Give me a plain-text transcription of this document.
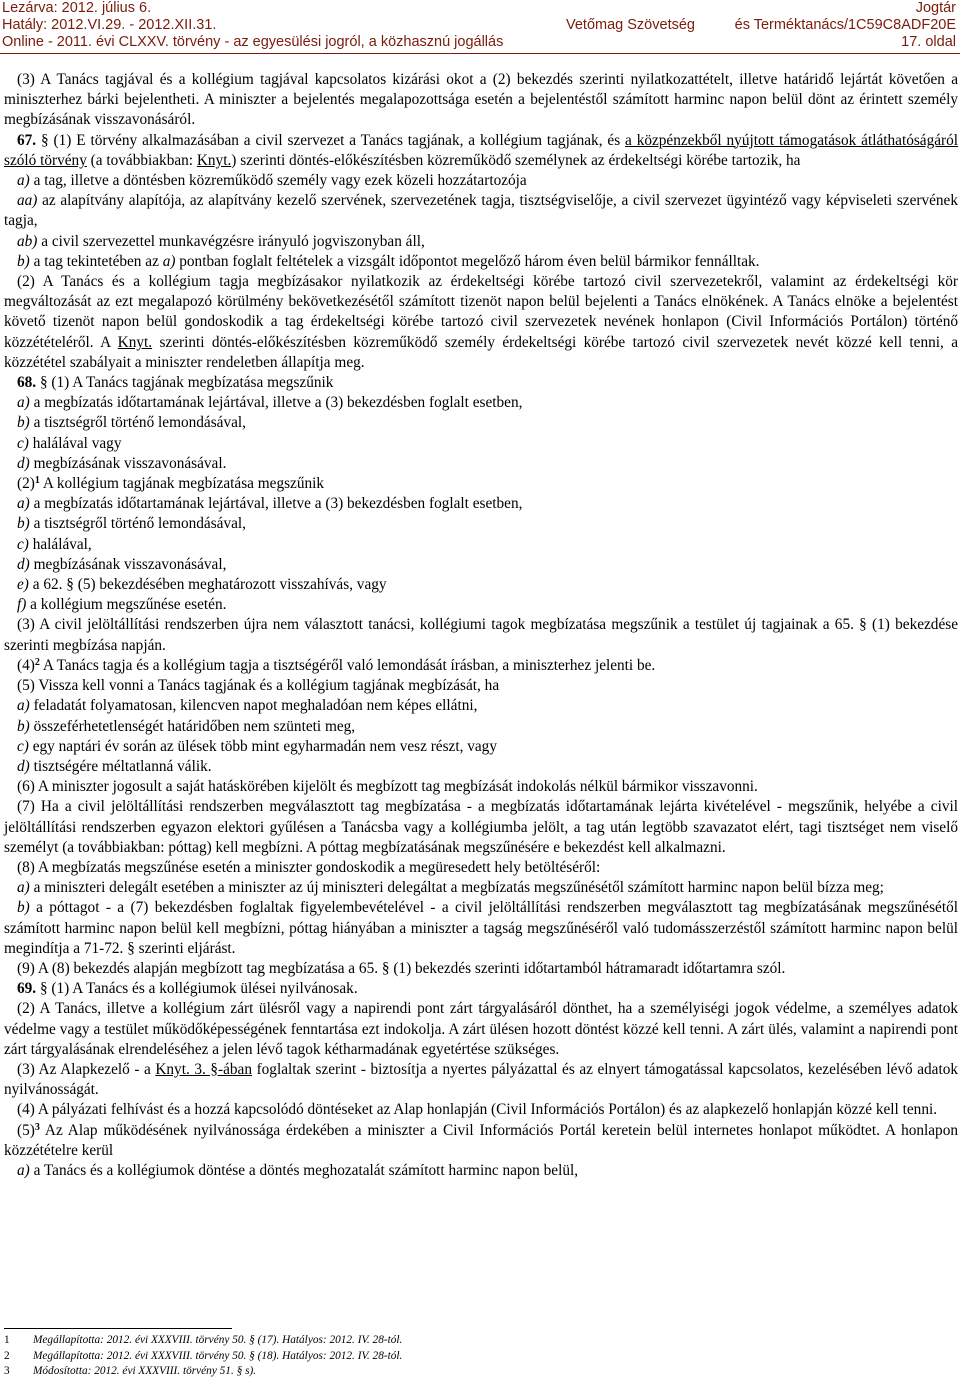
Lezárva: 2012. július 6.
Hatály: 2012.VI.29. - 2012.XII.31.
Online - 2011. évi CLXXV. törvény - az egyesülési jogról, a közhasznú jogállás
Vetőmag Szövetség
Jogtár
és Terméktanács/1C59C8ADF20E
17. oldal

(3) A Tanács tagjával és a kollégium tagjával kapcsolatos kizárási okot a (2) bekezdés szerinti nyilatkozattételt, illetve határidő lejártát követően a miniszterhez bárki bejelentheti. A miniszter a bejelentés megalapozottsága esetén a bejelentéstől számított harminc napon belül dönt az érintett személy megbízásának visszavonásáról.

67. § (1) E törvény alkalmazásában a civil szervezet a Tanács tagjának, a kollégium tagjának, és a közpénzekből nyújtott támogatások átláthatóságáról szóló törvény (a továbbiakban: Knyt.) szerinti döntés-előkészítésben közreműködő személynek az érdekeltségi körébe tartozik, ha

a) a tag, illetve a döntésben közreműködő személy vagy ezek közeli hozzátartozója

aa) az alapítvány alapítója, az alapítvány kezelő szervének, szervezetének tagja, tisztségviselője, a civil szervezet ügyintéző vagy képviseleti szervének tagja,

ab) a civil szervezettel munkavégzésre irányuló jogviszonyban áll,

b) a tag tekintetében az a) pontban foglalt feltételek a vizsgált időpontot megelőző három éven belül bármikor fennálltak.

(2) A Tanács és a kollégium tagja megbízásakor nyilatkozik az érdekeltségi körébe tartozó civil szervezetekről, valamint az érdekeltségi kör megváltozását az ezt megalapozó körülmény bekövetkezésétől számított tizenöt napon belül bejelenti a Tanács elnökének. A Tanács elnöke a bejelentést követő tizenöt napon belül gondoskodik a tag érdekeltségi körébe tartozó civil szervezetek nevének honlapon (Civil Információs Portálon) történő közzétételéről. A Knyt. szerinti döntés-előkészítésben közreműködő személy érdekeltségi körébe tartozó civil szervezetek nevét közzé kell tenni, a közzététel szabályait a miniszter rendeletben állapítja meg.

68. § (1) A Tanács tagjának megbízatása megszűnik

a) a megbízatás időtartamának lejártával, illetve a (3) bekezdésben foglalt esetben,

b) a tisztségről történő lemondásával,

c) halálával vagy

d) megbízásának visszavonásával.

$(2)^1$ A kollégium tagjának megbízatása megszűnik

a) a megbízatás időtartamának lejártával, illetve a (3) bekezdésben foglalt esetben,

b) a tisztségről történő lemondásával,

c) halálával,

d) megbízásának visszavonásával,

e) a 62. § (5) bekezdésében meghatározott visszahívás, vagy

f) a kollégium megszűnése esetén.

(3) A civil jelöltállítási rendszerben újra nem választott tanácsi, kollégiumi tagok megbízatása megszűnik a testület új tagjainak a 65. § (1) bekezdése szerinti megbízása napján.

$(4)^2$ A Tanács tagja és a kollégium tagja a tisztségéről való lemondását írásban, a miniszterhez jelenti be.

(5) Vissza kell vonni a Tanács tagjának és a kollégium tagjának megbízását, ha

a) feladatát folyamatosan, kilencven napot meghaladóan nem képes ellátni,

b) összeférhetetlenségét határidőben nem szünteti meg,

c) egy naptári év során az ülések több mint egyharmadán nem vesz részt, vagy

d) tisztségére méltatlanná válik.

(6) A miniszter jogosult a saját hatáskörében kijelölt és megbízott tag megbízását indokolás nélkül bármikor visszavonni.

(7) Ha a civil jelöltállítási rendszerben megválasztott tag megbízatása - a megbízatás időtartamának lejárta kivételével - megszűnik, helyébe a civil jelöltállítási rendszerben egyazon elektori gyűlésen a Tanácsba vagy a kollégiumba jelölt, a tag után legtöbb szavazatot elért, tagi tisztséget nem viselő személyt (a továbbiakban: póttag) kell megbízni. A póttag megbízatásának megszűnésére e bekezdést kell alkalmazni.

(8) A megbízatás megszűnése esetén a miniszter gondoskodik a megüresedett hely betöltéséről:

a) a miniszteri delegált esetében a miniszter az új miniszteri delegáltat a megbízatás megszűnésétől számított harminc napon belül bízza meg;

b) a póttagot - a (7) bekezdésben foglaltak figyelembevételével - a civil jelöltállítási rendszerben megválasztott tag megbízatásának megszűnésétől számított harminc napon belül kell megbízni, póttag hiányában a miniszter a tagság megszűnéséről való tudomásszerzéstől számított harminc napon belül megindítja a 71-72. § szerinti eljárást.

(9) A (8) bekezdés alapján megbízott tag megbízatása a 65. § (1) bekezdés szerinti időtartamból hátramaradt időtartamra szól.

69. § (1) A Tanács és a kollégiumok ülései nyilvánosak.

(2) A Tanács, illetve a kollégium zárt ülésről vagy a napirendi pont zárt tárgyalásáról dönthet, ha a személyiségi jogok védelme, a személyes adatok védelme vagy a testület működőképességének fenntartása ezt indokolja. A zárt ülésen hozott döntést közzé kell tenni. A zárt ülés, valamint a napirendi pont zárt tárgyalásának elrendeléséhez a jelen lévő tagok kétharmadának egyetértése szükséges.

(3) Az Alapkezelő - a Knyt. 3. §-ában foglaltak szerint - biztosítja a nyertes pályázattal és az elnyert támogatással kapcsolatos, kezelésében lévő adatok nyilvánosságát.

(4) A pályázati felhívást és a hozzá kapcsolódó döntéseket az Alap honlapján (Civil Információs Portálon) és az alapkezelő honlapján közzé kell tenni.

$(5)^3$ Az Alap működésének nyilvánossága érdekében a miniszter a Civil Információs Portál keretein belül internetes honlapot működtet. A honlapon közzétételre kerül

a) a Tanács és a kollégiumok döntése a döntés meghozatalát számított harminc napon belül,

1 Megállapította: 2012. évi XXXVIII. törvény 50. § (17). Hatályos: 2012. IV. 28-tól.
2 Megállapította: 2012. évi XXXVIII. törvény 50. § (18). Hatályos: 2012. IV. 28-tól.
3 Módosította: 2012. évi XXXVIII. törvény 51. § s).
